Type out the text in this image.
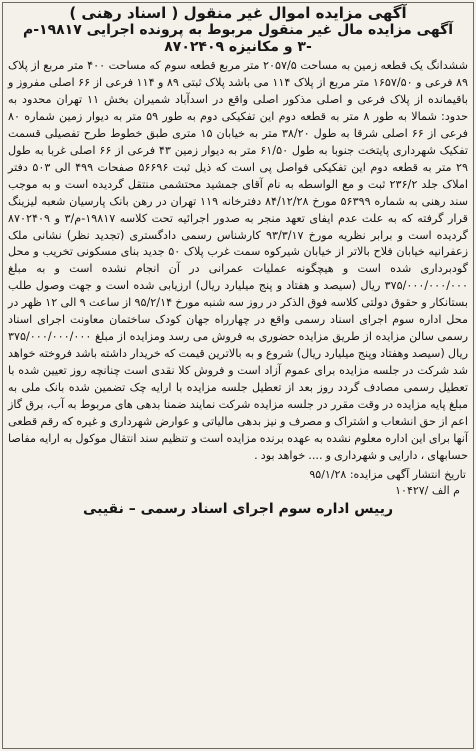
آگهی مزایده اموال غیر منقول ( اسناد رهنی )
آگهی مزایده مال غیر منقول مربوط به پرونده اجرایی ۱۹۸۱۷-م
-۳ و مکانیزه ۸۷۰۲۴۰۹

ششدانگ یک قطعه زمین به مساحت ۲۰۵۷/۵ متر مربع قطعه سوم که مساحت ۴۰۰ متر مربع از پلاک ۸۹ فرعی و ۱۶۵۷/۵۰ متر مربع از پلاک ۱۱۴ می باشد پلاک ثبتی ۸۹ و ۱۱۴ فرعی از ۶۶ اصلی مفروز و باقیمانده از پلاک فرعی و اصلی مذکور اصلی واقع در اسدآباد شمیران بخش ۱۱ تهران محدود به حدود: شمالا به طور ۸ متر به قطعه دوم این تفکیکی دوم به طور ۵۹ متر به دیوار زمین شماره ۸۰ فرعی از ۶۶ اصلی شرقا به طول ۳۸/۲۰ متر به خیابان ۱۵ متری طبق خطوط طرح تفصیلی قسمت تفکیک شهرداری پایتخت جنوبا به طول ۶۱/۵۰ متر به دیوار زمین ۴۳ فرعی از ۶۶ اصلی غربا به طول ۲۹ متر به قطعه دوم این تفکیکی فواصل پی است که ذیل ثبت ۵۶۶۹۶ صفحات ۴۹۹ الی ۵۰۳ دفتر املاک جلد ۲۳۶/۲ ثبت و مع الواسطه به نام آقای جمشید محتشمی منتقل گردیده است و به موجب سند رهنی به شماره ۵۶۳۹۹ مورخ ۸۴/۱۲/۲۸ دفترخانه ۱۱۹ تهران در رهن بانک پارسیان شعبه لیزینگ قرار گرفته که به علت عدم ایفای تعهد منجر به صدور اجرائیه تحت کلاسه ۱۹۸۱۷-م/۳ و ۸۷۰۲۴۰۹ گردیده است و برابر نظریه مورخ ۹۳/۳/۱۷ کارشناس رسمی دادگستری (تجدید نظر) نشانی ملک زعفرانیه خیابان فلاح بالاتر از خیابان شیرکوه سمت غرب پلاک ۵۰ جدید بنای مسکونی تخریب و محل گودبرداری شده است و هیچگونه عملیات عمرانی در آن انجام نشده است و به مبلغ ۳۷۵/۰۰۰/۰۰۰/۰۰۰ ریال (سیصد و هفتاد و پنج میلیارد ریال) ارزیابی شده است و جهت وصول طلب بستانکار و حقوق دولتی کلاسه فوق الذکر در روز سه شنبه مورخ ۹۵/۲/۱۴ از ساعت ۹ الی ۱۲ ظهر در محل اداره سوم اجرای اسناد رسمی واقع در چهارراه جهان کودک ساختمان معاونت اجرای اسناد رسمی سالن مزایده از طریق مزایده حضوری به فروش می رسد ومزایده از مبلغ ۳۷۵/۰۰۰/۰۰۰/۰۰۰ ریال (سیصد وهفتاد وپنج میلیارد ریال) شروع و به بالاترین قیمت که خریدار داشته باشد فروخته خواهد شد شرکت در جلسه مزایده برای عموم آزاد است و فروش کلا نقدی است چنانچه روز تعیین شده با تعطیل رسمی مصادف گردد روز بعد از تعطیل جلسه مزایده با ارایه چک تضمین شده بانک ملی به مبلغ پایه مزایده در وقت مقرر در جلسه مزایده شرکت نمایند ضمنا بدهی های مربوط به آب، برق گاز اعم از حق انشعاب و اشتراک و مصرف و نیز بدهی مالیاتی و عوارض شهرداری و غیره که رقم قطعی آنها برای این اداره معلوم نشده به عهده برنده مزایده است و تنظیم سند انتقال موکول به ارایه مفاصا حسابهای ، دارایی و شهرداری و .... خواهد بود .

تاریخ انتشار آگهی مزایده: ۹۵/۱/۲۸
۱۰۴۲۷/ م الف
رییس اداره سوم اجرای اسناد رسمی – نقیبی
